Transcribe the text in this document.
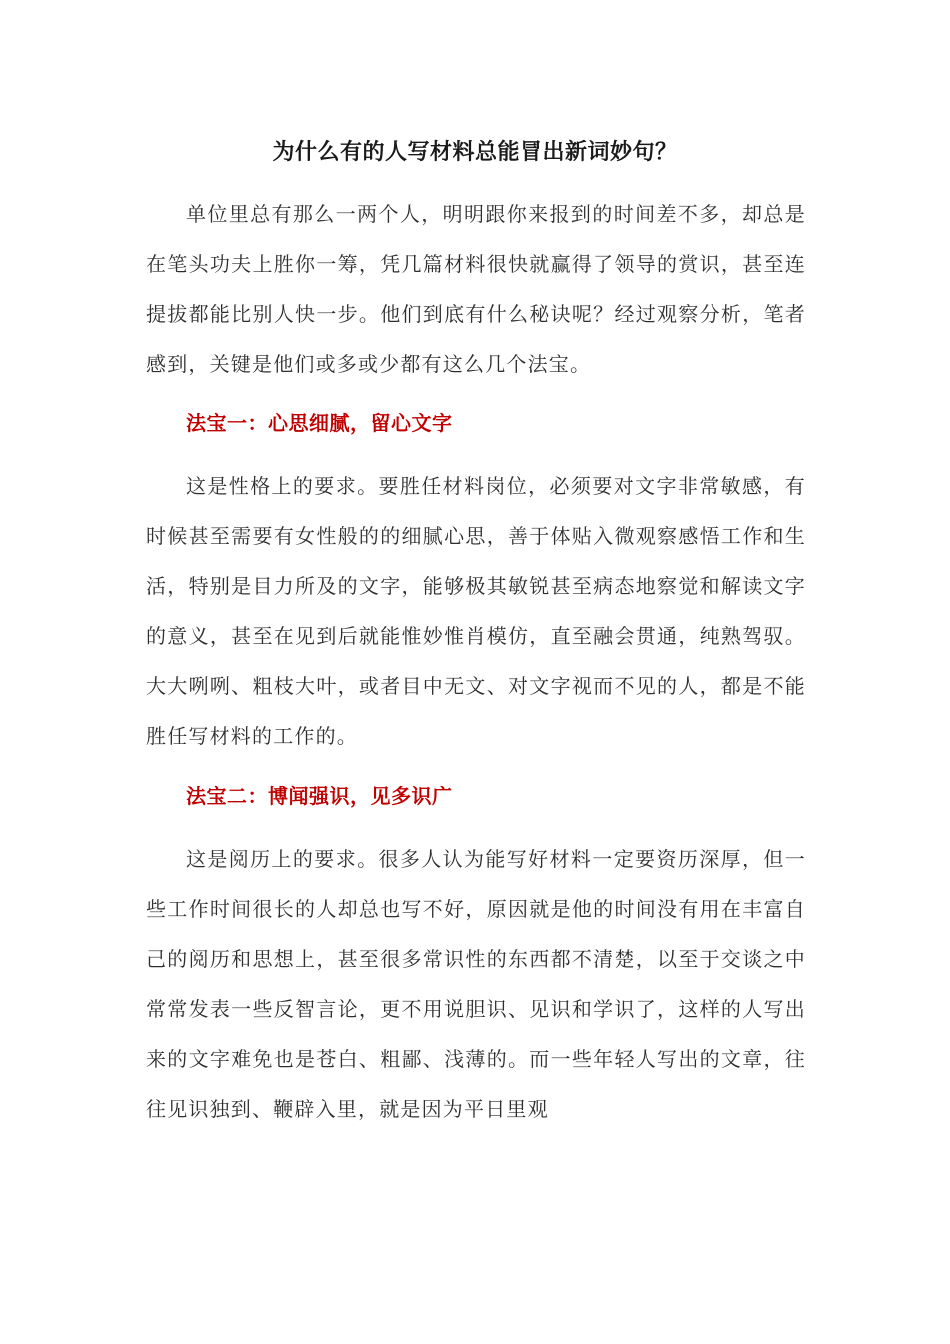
为什么有的人写材料总能冒出新词妙句？

单位里总有那么一两个人，明明跟你来报到的时间差不多，却总是在笔头功夫上胜你一筹，凭几篇材料很快就赢得了领导的赏识，甚至连提拔都能比别人快一步。他们到底有什么秘诀呢？经过观察分析，笔者感到，关键是他们或多或少都有这么几个法宝。

法宝一：心思细腻，留心文字

这是性格上的要求。要胜任材料岗位，必须要对文字非常敏感，有时候甚至需要有女性般的的细腻心思，善于体贴入微观察感悟工作和生活，特别是目力所及的文字，能够极其敏锐甚至病态地察觉和解读文字的意义，甚至在见到后就能惟妙惟肖模仿，直至融会贯通，纯熟驾驭。大大咧咧、粗枝大叶，或者目中无文、对文字视而不见的人，都是不能胜任写材料的工作的。

法宝二：博闻强识，见多识广

这是阅历上的要求。很多人认为能写好材料一定要资历深厚，但一些工作时间很长的人却总也写不好，原因就是他的时间没有用在丰富自己的阅历和思想上，甚至很多常识性的东西都不清楚，以至于交谈之中常常发表一些反智言论，更不用说胆识、见识和学识了，这样的人写出来的文字难免也是苍白、粗鄙、浅薄的。而一些年轻人写出的文章，往往见识独到、鞭辟入里，就是因为平日里观
